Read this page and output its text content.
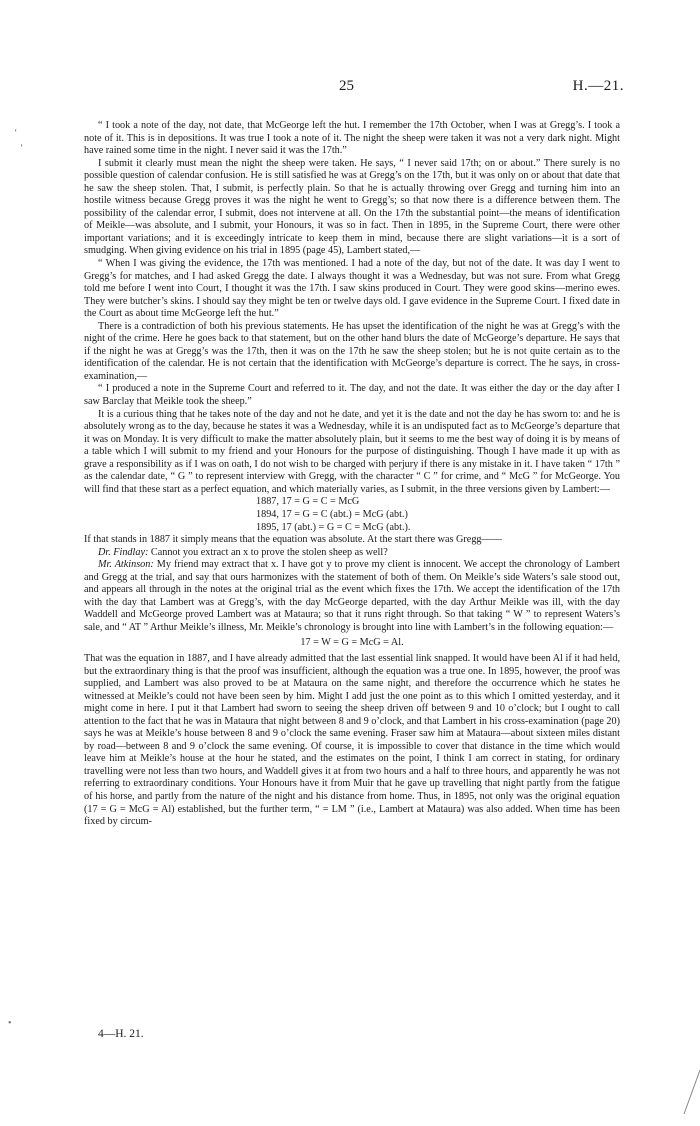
25	H.—21.

“ I took a note of the day, not date, that McGeorge left the hut. I remember the 17th October, when I was at Gregg’s. I took a note of it. This is in depositions. It was true I took a note of it. The night the sheep were taken it was not a very dark night. Might have rained some time in the night. I never said it was the 17th.”

I submit it clearly must mean the night the sheep were taken. He says, “ I never said 17th; on or about.” There surely is no possible question of calendar confusion. He is still satisfied he was at Gregg’s on the 17th, but it was only on or about that date that he saw the sheep stolen. That, I submit, is perfectly plain. So that he is actually throwing over Gregg and turning him into an hostile witness because Gregg proves it was the night he went to Gregg’s; so that now there is a difference between them. The possibility of the calendar error, I submit, does not intervene at all. On the 17th the substantial point—the means of identification of Meikle—was absolute, and I submit, your Honours, it was so in fact. Then in 1895, in the Supreme Court, there were other important variations; and it is exceedingly intricate to keep them in mind, because there are slight variations—it is a sort of smudging. When giving evidence on his trial in 1895 (page 45), Lambert stated,—

“ When I was giving the evidence, the 17th was mentioned. I had a note of the day, but not of the date. It was day I went to Gregg’s for matches, and I had asked Gregg the date. I always thought it was a Wednesday, but was not sure. From what Gregg told me before I went into Court, I thought it was the 17th. I saw skins produced in Court. They were good skins—merino ewes. They were butcher’s skins. I should say they might be ten or twelve days old. I gave evidence in the Supreme Court. I fixed date in the Court as about time McGeorge left the hut.”

There is a contradiction of both his previous statements. He has upset the identification of the night he was at Gregg’s with the night of the crime. Here he goes back to that statement, but on the other hand blurs the date of McGeorge’s departure. He says that if the night he was at Gregg’s was the 17th, then it was on the 17th he saw the sheep stolen; but he is not quite certain as to the identification of the calendar. He is not certain that the identification with McGeorge’s departure is correct. The he says, in cross-examination,—

“ I produced a note in the Supreme Court and referred to it. The day, and not the date. It was either the day or the day after I saw Barclay that Meikle took the sheep.”

It is a curious thing that he takes note of the day and not he date, and yet it is the date and not the day he has sworn to: and he is absolutely wrong as to the day, because he states it was a Wednesday, while it is an undisputed fact as to McGeorge’s departure that it was on Monday. It is very difficult to make the matter absolutely plain, but it seems to me the best way of doing it is by means of a table which I will submit to my friend and your Honours for the purpose of distinguishing. Though I have made it up with as grave a responsibility as if I was on oath, I do not wish to be charged with perjury if there is any mistake in it. I have taken “ 17th ” as the calendar date, “ G ” to represent interview with Gregg, with the character “ C ” for crime, and “ McG ” for McGeorge. You will find that these start as a perfect equation, and which materially varies, as I submit, in the three versions given by Lambert:—

1887, 17 = G = C = McG
1894, 17 = G = C (abt.) = McG (abt.)
1895, 17 (abt.) = G = C = McG (abt.).

If that stands in 1887 it simply means that the equation was absolute. At the start there was Gregg——

Dr. Findlay: Cannot you extract an x to prove the stolen sheep as well?

Mr. Atkinson: My friend may extract that x. I have got y to prove my client is innocent. We accept the chronology of Lambert and Gregg at the trial, and say that ours harmonizes with the statement of both of them. On Meikle’s side Waters’s sale stood out, and appears all through in the notes at the original trial as the event which fixes the 17th. We accept the identification of the 17th with the day that Lambert was at Gregg’s, with the day McGeorge departed, with the day Arthur Meikle was ill, with the day Waddell and McGeorge proved Lambert was at Mataura; so that it runs right through. So that taking “ W ” to represent Waters’s sale, and “ AT ” Arthur Meikle’s illness, Mr. Meikle’s chronology is brought into line with Lambert’s in the following equation:—

17 = W = G = McG = Al.

That was the equation in 1887, and I have already admitted that the last essential link snapped. It would have been Al if it had held, but the extraordinary thing is that the proof was insufficient, although the equation was a true one. In 1895, however, the proof was supplied, and Lambert was also proved to be at Mataura on the same night, and therefore the occurrence which he states he witnessed at Meikle’s could not have been seen by him. Might I add just the one point as to this which I omitted yesterday, and it might come in here. I put it that Lambert had sworn to seeing the sheep driven off between 9 and 10 o’clock; but I ought to call attention to the fact that he was in Mataura that night between 8 and 9 o’clock, and that Lambert in his cross-examination (page 20) says he was at Meikle’s house between 8 and 9 o’clock the same evening. Fraser saw him at Mataura—about sixteen miles distant by road—between 8 and 9 o’clock the same evening. Of course, it is impossible to cover that distance in the time which would leave him at Meikle’s house at the hour he stated, and the estimates on the point, I think I am correct in stating, for ordinary travelling were not less than two hours, and Waddell gives it at from two hours and a half to three hours, and apparently he was not referring to extraordinary conditions. Your Honours have it from Muir that he gave up travelling that night partly from the fatigue of his horse, and partly from the nature of the night and his distance from home. Thus, in 1895, not only was the original equation (17 = G = McG = Al) established, but the further term, “ = LM ” (i.e., Lambert at Mataura) was also added. When time has been fixed by circum-

4—H. 21.
‘
‘
•
